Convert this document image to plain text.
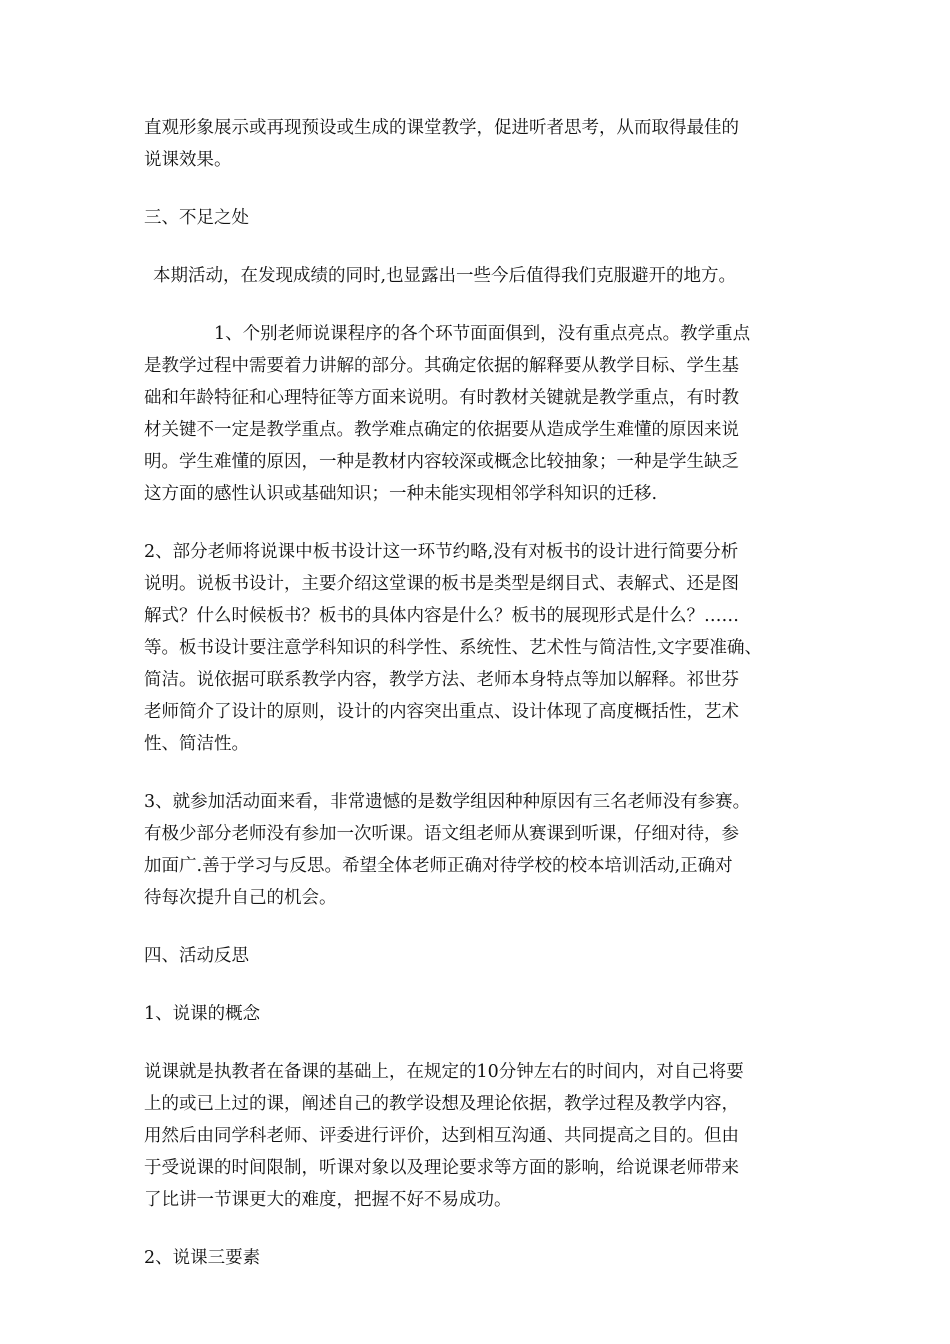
直观形象展示或再现预设或生成的课堂教学，促进听者思考，从而取得最佳的
说课效果。
三、不足之处
本期活动，在发现成绩的同时,也显露出一些今后值得我们克服避开的地方。
1、个别老师说课程序的各个环节面面俱到，没有重点亮点。教学重点
是教学过程中需要着力讲解的部分。其确定依据的解释要从教学目标、学生基
础和年龄特征和心理特征等方面来说明。有时教材关键就是教学重点，有时教
材关键不一定是教学重点。教学难点确定的依据要从造成学生难懂的原因来说
明。学生难懂的原因，一种是教材内容较深或概念比较抽象；一种是学生缺乏
这方面的感性认识或基础知识；一种未能实现相邻学科知识的迁移.
2、部分老师将说课中板书设计这一环节约略,没有对板书的设计进行简要分析
说明。说板书设计，主要介绍这堂课的板书是类型是纲目式、表解式、还是图
解式？什么时候板书？板书的具体内容是什么？板书的展现形式是什么？……
等。板书设计要注意学科知识的科学性、系统性、艺术性与简洁性,文字要准确、
简洁。说依据可联系教学内容，教学方法、老师本身特点等加以解释。祁世芬
老师简介了设计的原则，设计的内容突出重点、设计体现了高度概括性，艺术
性、简洁性。
3、就参加活动面来看，非常遗憾的是数学组因种种原因有三名老师没有参赛。
有极少部分老师没有参加一次听课。语文组老师从赛课到听课，仔细对待，参
加面广.善于学习与反思。希望全体老师正确对待学校的校本培训活动,正确对
待每次提升自己的机会。
四、活动反思
1、说课的概念
说课就是执教者在备课的基础上，在规定的10分钟左右的时间内，对自己将要
上的或已上过的课，阐述自己的教学设想及理论依据，教学过程及教学内容，
用然后由同学科老师、评委进行评价，达到相互沟通、共同提高之目的。但由
于受说课的时间限制，听课对象以及理论要求等方面的影响，给说课老师带来
了比讲一节课更大的难度，把握不好不易成功。
2、说课三要素
